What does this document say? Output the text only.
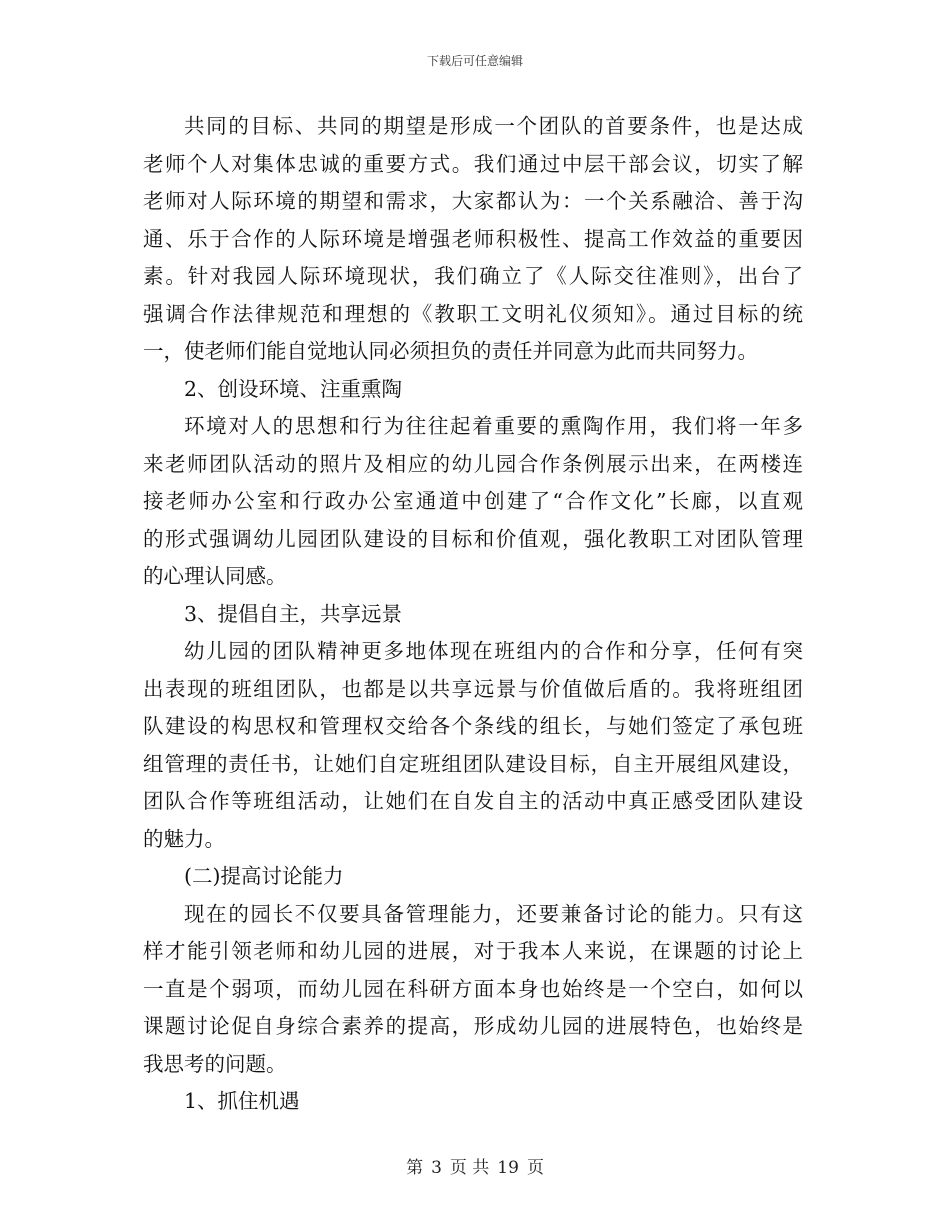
下载后可任意编辑
共同的目标、共同的期望是形成一个团队的首要条件，也是达成
老师个人对集体忠诚的重要方式。我们通过中层干部会议，切实了解
老师对人际环境的期望和需求，大家都认为：一个关系融洽、善于沟
通、乐于合作的人际环境是增强老师积极性、提高工作效益的重要因
素。针对我园人际环境现状，我们确立了《人际交往准则》，出台了
强调合作法律规范和理想的《教职工文明礼仪须知》。通过目标的统
一，使老师们能自觉地认同必须担负的责任并同意为此而共同努力。
2、创设环境、注重熏陶
环境对人的思想和行为往往起着重要的熏陶作用，我们将一年多
来老师团队活动的照片及相应的幼儿园合作条例展示出来，在两楼连
接老师办公室和行政办公室通道中创建了“合作文化”长廊，以直观
的形式强调幼儿园团队建设的目标和价值观，强化教职工对团队管理
的心理认同感。
3、提倡自主，共享远景
幼儿园的团队精神更多地体现在班组内的合作和分享，任何有突
出表现的班组团队，也都是以共享远景与价值做后盾的。我将班组团
队建设的构思权和管理权交给各个条线的组长，与她们签定了承包班
组管理的责任书，让她们自定班组团队建设目标，自主开展组风建设，
团队合作等班组活动，让她们在自发自主的活动中真正感受团队建设
的魅力。
(二)提高讨论能力
现在的园长不仅要具备管理能力，还要兼备讨论的能力。只有这
样才能引领老师和幼儿园的进展，对于我本人来说，在课题的讨论上
一直是个弱项，而幼儿园在科研方面本身也始终是一个空白，如何以
课题讨论促自身综合素养的提高，形成幼儿园的进展特色，也始终是
我思考的问题。
1、抓住机遇
第 3 页 共 19 页
